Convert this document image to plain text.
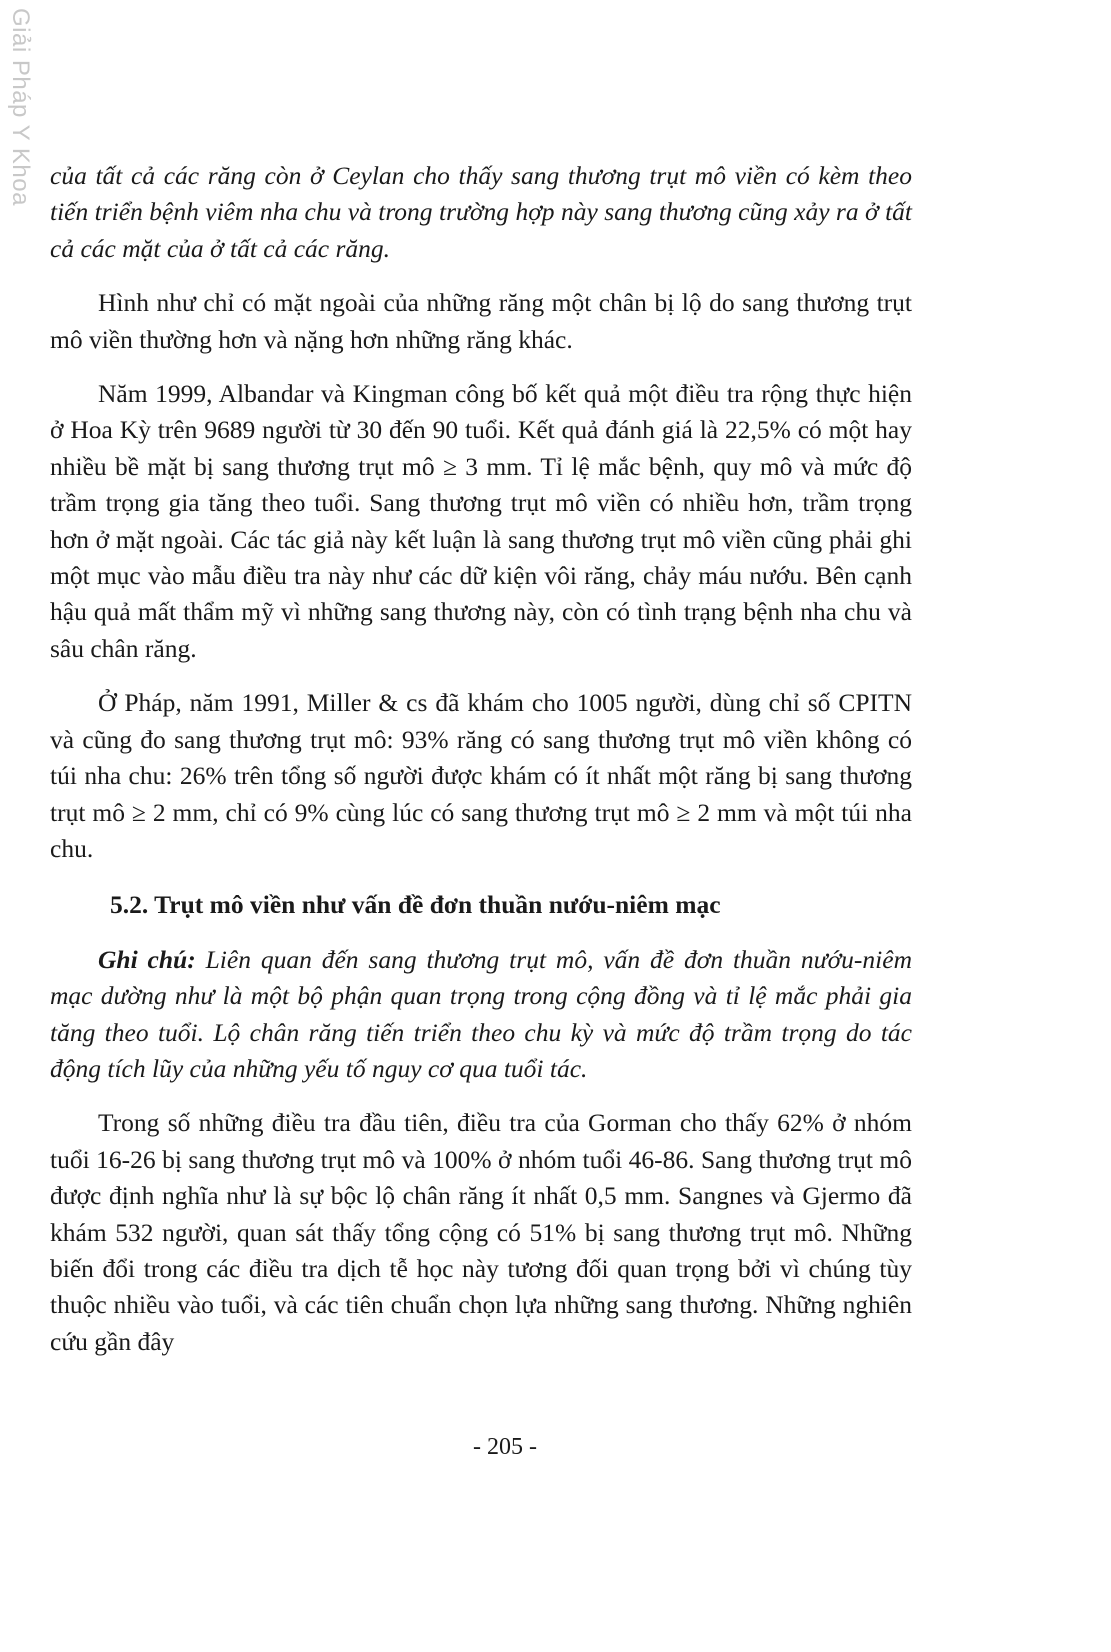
Giải Pháp Y Khoa của tất cả các răng còn ở Ceylan cho thấy sang thương trụt mô viền có kèm theo tiến triển bệnh viêm nha chu và trong trường hợp này sang thương cũng xảy ra ở tất cả các mặt của ở tất cả các răng.

Hình như chỉ có mặt ngoài của những răng một chân bị lộ do sang thương trụt mô viền thường hơn và nặng hơn những răng khác.

Năm 1999, Albandar và Kingman công bố kết quả một điều tra rộng thực hiện ở Hoa Kỳ trên 9689 người từ 30 đến 90 tuổi. Kết quả đánh giá là 22,5% có một hay nhiều bề mặt bị sang thương trụt mô ≥ 3 mm. Tỉ lệ mắc bệnh, quy mô và mức độ trầm trọng gia tăng theo tuổi. Sang thương trụt mô viền có nhiều hơn, trầm trọng hơn ở mặt ngoài. Các tác giả này kết luận là sang thương trụt mô viền cũng phải ghi một mục vào mẫu điều tra này như các dữ kiện vôi răng, chảy máu nướu. Bên cạnh hậu quả mất thẩm mỹ vì những sang thương này, còn có tình trạng bệnh nha chu và sâu chân răng.

Ở Pháp, năm 1991, Miller & cs đã khám cho 1005 người, dùng chỉ số CPITN và cũng đo sang thương trụt mô: 93% răng có sang thương trụt mô viền không có túi nha chu: 26% trên tổng số người được khám có ít nhất một răng bị sang thương trụt mô ≥ 2 mm, chỉ có 9% cùng lúc có sang thương trụt mô ≥ 2 mm và một túi nha chu.

5.2. Trụt mô viền như vấn đề đơn thuần nướu-niêm mạc

Ghi chú: Liên quan đến sang thương trụt mô, vấn đề đơn thuần nướu-niêm mạc dường như là một bộ phận quan trọng trong cộng đồng và tỉ lệ mắc phải gia tăng theo tuổi. Lộ chân răng tiến triển theo chu kỳ và mức độ trầm trọng do tác động tích lũy của những yếu tố nguy cơ qua tuổi tác.

Trong số những điều tra đầu tiên, điều tra của Gorman cho thấy 62% ở nhóm tuổi 16-26 bị sang thương trụt mô và 100% ở nhóm tuổi 46-86. Sang thương trụt mô được định nghĩa như là sự bộc lộ chân răng ít nhất 0,5 mm. Sangnes và Gjermo đã khám 532 người, quan sát thấy tổng cộng có 51% bị sang thương trụt mô. Những biến đổi trong các điều tra dịch tễ học này tương đối quan trọng bởi vì chúng tùy thuộc nhiều vào tuổi, và các tiên chuẩn chọn lựa những sang thương. Những nghiên cứu gần đây

- 205 -
